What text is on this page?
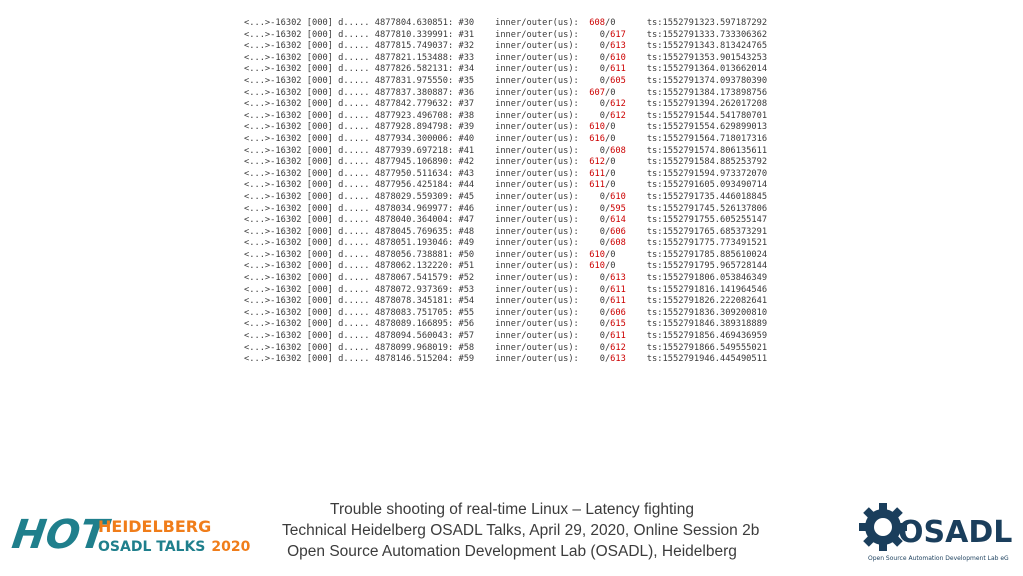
<...>-16302 [000] d..... 4877804.630851: #30 inner/outer(us): 608/0	ts:1552791323.597187292
<...>-16302 [000] d..... 4877810.339991: #31 inner/outer(us): 0/617 ts:1552791333.733306362
<...>-16302 [000] d..... 4877815.749037: #32 inner/outer(us): 0/613 ts:1552791343.813424765
<...>-16302 [000] d..... 4877821.153488: #33 inner/outer(us): 0/610 ts:1552791353.901543253
<...>-16302 [000] d..... 4877826.582131: #34 inner/outer(us): 0/611 ts:1552791364.013662014
<...>-16302 [000] d..... 4877831.975550: #35 inner/outer(us): 0/605 ts:1552791374.093780390
<...>-16302 [000] d..... 4877837.380887: #36 inner/outer(us): 607/0	ts:1552791384.173898756
<...>-16302 [000] d..... 4877842.779632: #37 inner/outer(us): 0/612 ts:1552791394.262017208
<...>-16302 [000] d..... 4877923.496708: #38 inner/outer(us): 0/612 ts:1552791544.541780701
<...>-16302 [000] d..... 4877928.894798: #39 inner/outer(us): 610/0	ts:1552791554.629899013
<...>-16302 [000] d..... 4877934.300006: #40 inner/outer(us): 616/0	ts:1552791564.718017316
<...>-16302 [000] d..... 4877939.697218: #41 inner/outer(us): 0/608 ts:1552791574.806135611
<...>-16302 [000] d..... 4877945.106890: #42 inner/outer(us): 612/0	ts:1552791584.885253792
<...>-16302 [000] d..... 4877950.511634: #43 inner/outer(us): 611/0	ts:1552791594.973372070
<...>-16302 [000] d..... 4877956.425184: #44 inner/outer(us): 611/0	ts:1552791605.093490714
<...>-16302 [000] d..... 4878029.559309: #45 inner/outer(us): 0/610 ts:1552791735.446018845
<...>-16302 [000] d..... 4878034.969977: #46 inner/outer(us): 0/595 ts:1552791745.526137806
<...>-16302 [000] d..... 4878040.364004: #47 inner/outer(us): 0/614 ts:1552791755.605255147
<...>-16302 [000] d..... 4878045.769635: #48 inner/outer(us): 0/606 ts:1552791765.685373291
<...>-16302 [000] d..... 4878051.193046: #49 inner/outer(us): 0/608 ts:1552791775.773491521
<...>-16302 [000] d..... 4878056.738881: #50 inner/outer(us): 610/0	ts:1552791785.885610024
<...>-16302 [000] d..... 4878062.132220: #51 inner/outer(us): 610/0	ts:1552791795.965728144
<...>-16302 [000] d..... 4878067.541579: #52 inner/outer(us): 0/613 ts:1552791806.053846349
<...>-16302 [000] d..... 4878072.937369: #53 inner/outer(us): 0/611 ts:1552791816.141964546
<...>-16302 [000] d..... 4878078.345181: #54 inner/outer(us): 0/611 ts:1552791826.222082641
<...>-16302 [000] d..... 4878083.751705: #55 inner/outer(us): 0/606 ts:1552791836.309200810
<...>-16302 [000] d..... 4878089.166895: #56 inner/outer(us): 0/615 ts:1552791846.389318889
<...>-16302 [000] d..... 4878094.560043: #57 inner/outer(us): 0/611 ts:1552791856.469436959
<...>-16302 [000] d..... 4878099.968019: #58 inner/outer(us): 0/612 ts:1552791866.549555021
<...>-16302 [000] d..... 4878146.515204: #59 inner/outer(us): 0/613 ts:1552791946.445490511
HOT
HEIDELBERG
OSADL TALKS 2020
Trouble shooting of real-time Linux – Latency fighting
Technical Heidelberg OSADL Talks, April 29, 2020, Online Session 2b
Open Source Automation Development Lab (OSADL), Heidelberg
OSADL
Open Source Automation Development Lab eG
